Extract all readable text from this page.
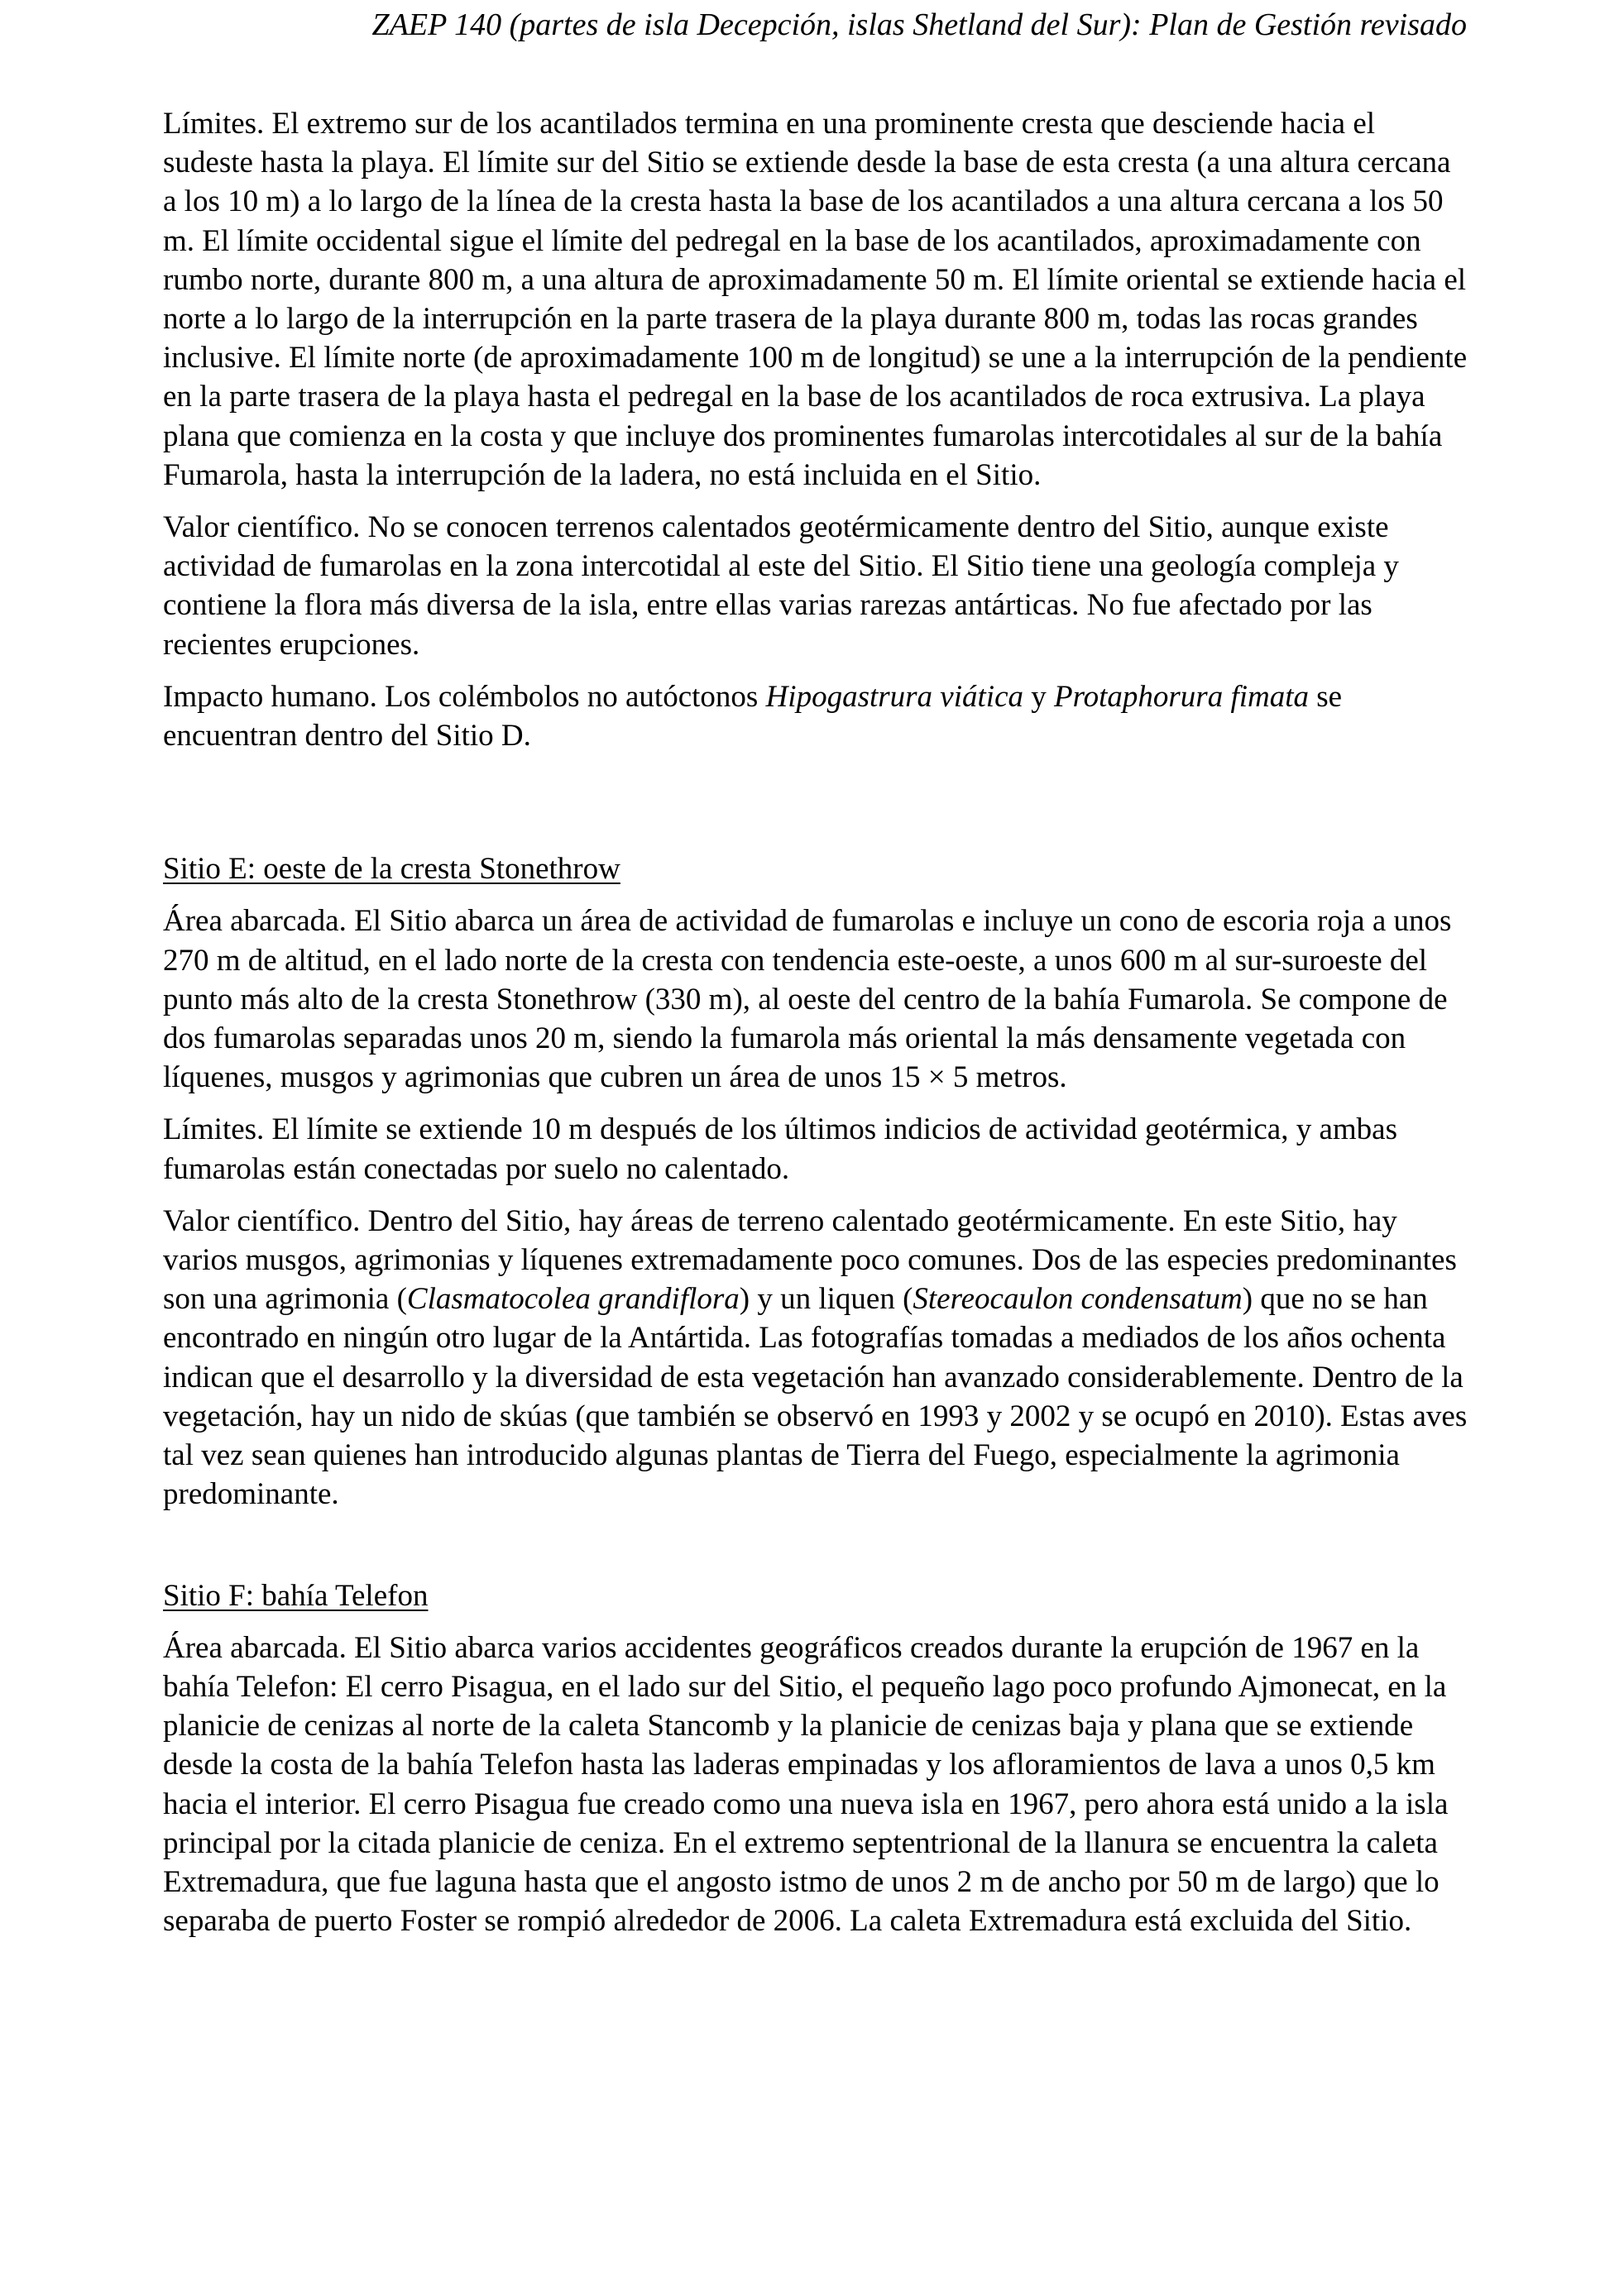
ZAEP 140 (partes de isla Decepción, islas Shetland del Sur): Plan de Gestión revisado

Límites. El extremo sur de los acantilados termina en una prominente cresta que desciende hacia el sudeste hasta la playa. El límite sur del Sitio se extiende desde la base de esta cresta (a una altura cercana a los 10 m) a lo largo de la línea de la cresta hasta la base de los acantilados a una altura cercana a los 50 m. El límite occidental sigue el límite del pedregal en la base de los acantilados, aproximadamente con rumbo norte, durante 800 m, a una altura de aproximadamente 50 m. El límite oriental se extiende hacia el norte a lo largo de la interrupción en la parte trasera de la playa durante 800 m, todas las rocas grandes inclusive. El límite norte (de aproximadamente 100 m de longitud) se une a la interrupción de la pendiente en la parte trasera de la playa hasta el pedregal en la base de los acantilados de roca extrusiva. La playa plana que comienza en la costa y que incluye dos prominentes fumarolas intercotidales al sur de la bahía Fumarola, hasta la interrupción de la ladera, no está incluida en el Sitio.

Valor científico. No se conocen terrenos calentados geotérmicamente dentro del Sitio, aunque existe actividad de fumarolas en la zona intercotidal al este del Sitio. El Sitio tiene una geología compleja y contiene la flora más diversa de la isla, entre ellas varias rarezas antárticas. No fue afectado por las recientes erupciones.

Impacto humano. Los colémbolos no autóctonos Hipogastrura viática y Protaphorura fimata se encuentran dentro del Sitio D.

Sitio E: oeste de la cresta Stonethrow

Área abarcada. El Sitio abarca un área de actividad de fumarolas e incluye un cono de escoria roja a unos 270 m de altitud, en el lado norte de la cresta con tendencia este-oeste, a unos 600 m al sur-suroeste del punto más alto de la cresta Stonethrow (330 m), al oeste del centro de la bahía Fumarola. Se compone de dos fumarolas separadas unos 20 m, siendo la fumarola más oriental la más densamente vegetada con líquenes, musgos y agrimonias que cubren un área de unos 15 × 5 metros.

Límites. El límite se extiende 10 m después de los últimos indicios de actividad geotérmica, y ambas fumarolas están conectadas por suelo no calentado.

Valor científico. Dentro del Sitio, hay áreas de terreno calentado geotérmicamente. En este Sitio, hay varios musgos, agrimonias y líquenes extremadamente poco comunes. Dos de las especies predominantes son una agrimonia (Clasmatocolea grandiflora) y un liquen (Stereocaulon condensatum) que no se han encontrado en ningún otro lugar de la Antártida. Las fotografías tomadas a mediados de los años ochenta indican que el desarrollo y la diversidad de esta vegetación han avanzado considerablemente. Dentro de la vegetación, hay un nido de skúas (que también se observó en 1993 y 2002 y se ocupó en 2010). Estas aves tal vez sean quienes han introducido algunas plantas de Tierra del Fuego, especialmente la agrimonia predominante.

Sitio F: bahía Telefon

Área abarcada. El Sitio abarca varios accidentes geográficos creados durante la erupción de 1967 en la bahía Telefon: El cerro Pisagua, en el lado sur del Sitio, el pequeño lago poco profundo Ajmonecat, en la planicie de cenizas al norte de la caleta Stancomb y la planicie de cenizas baja y plana que se extiende desde la costa de la bahía Telefon hasta las laderas empinadas y los afloramientos de lava a unos 0,5 km hacia el interior. El cerro Pisagua fue creado como una nueva isla en 1967, pero ahora está unido a la isla principal por la citada planicie de ceniza. En el extremo septentrional de la llanura se encuentra la caleta Extremadura, que fue laguna hasta que el angosto istmo de unos 2 m de ancho por 50 m de largo) que lo separaba de puerto Foster se rompió alrededor de 2006. La caleta Extremadura está excluida del Sitio.
